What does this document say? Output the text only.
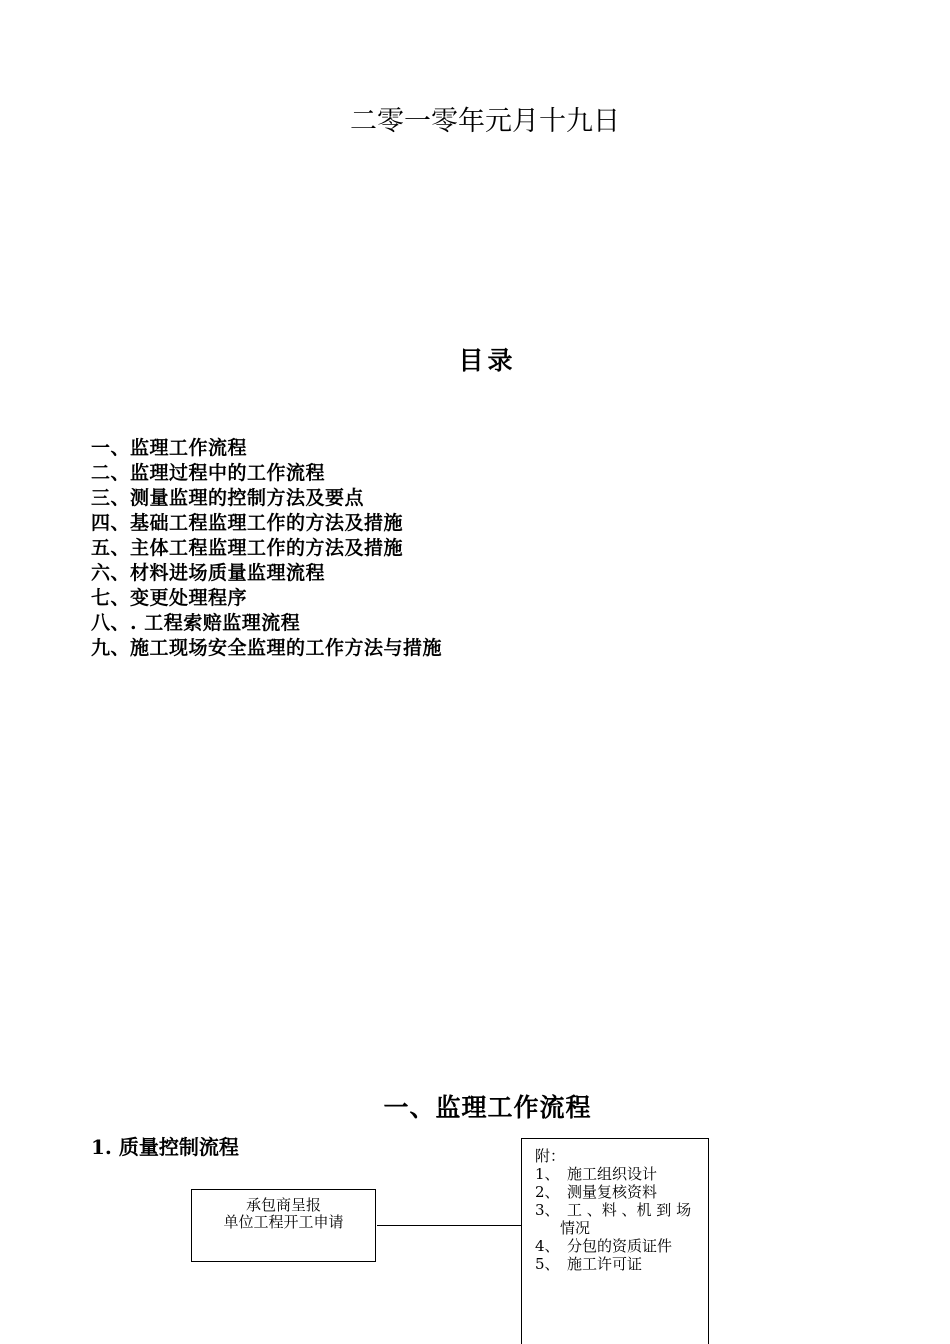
二零一零年元月十九日
目录
一、监理工作流程
二、监理过程中的工作流程
三、测量监理的控制方法及要点
四、基础工程监理工作的方法及措施
五、主体工程监理工作的方法及措施
六、材料进场质量监理流程
七、变更处理程序
八、. 工程索赔监理流程
九、施工现场安全监理的工作方法与措施
一、监理工作流程
1. 质量控制流程
承包商呈报
单位工程开工申请
附：
1、 施工组织设计
2、 测量复核资料
3、 工 、料 、机 到 场情况
4、 分包的资质证件
5、 施工许可证
